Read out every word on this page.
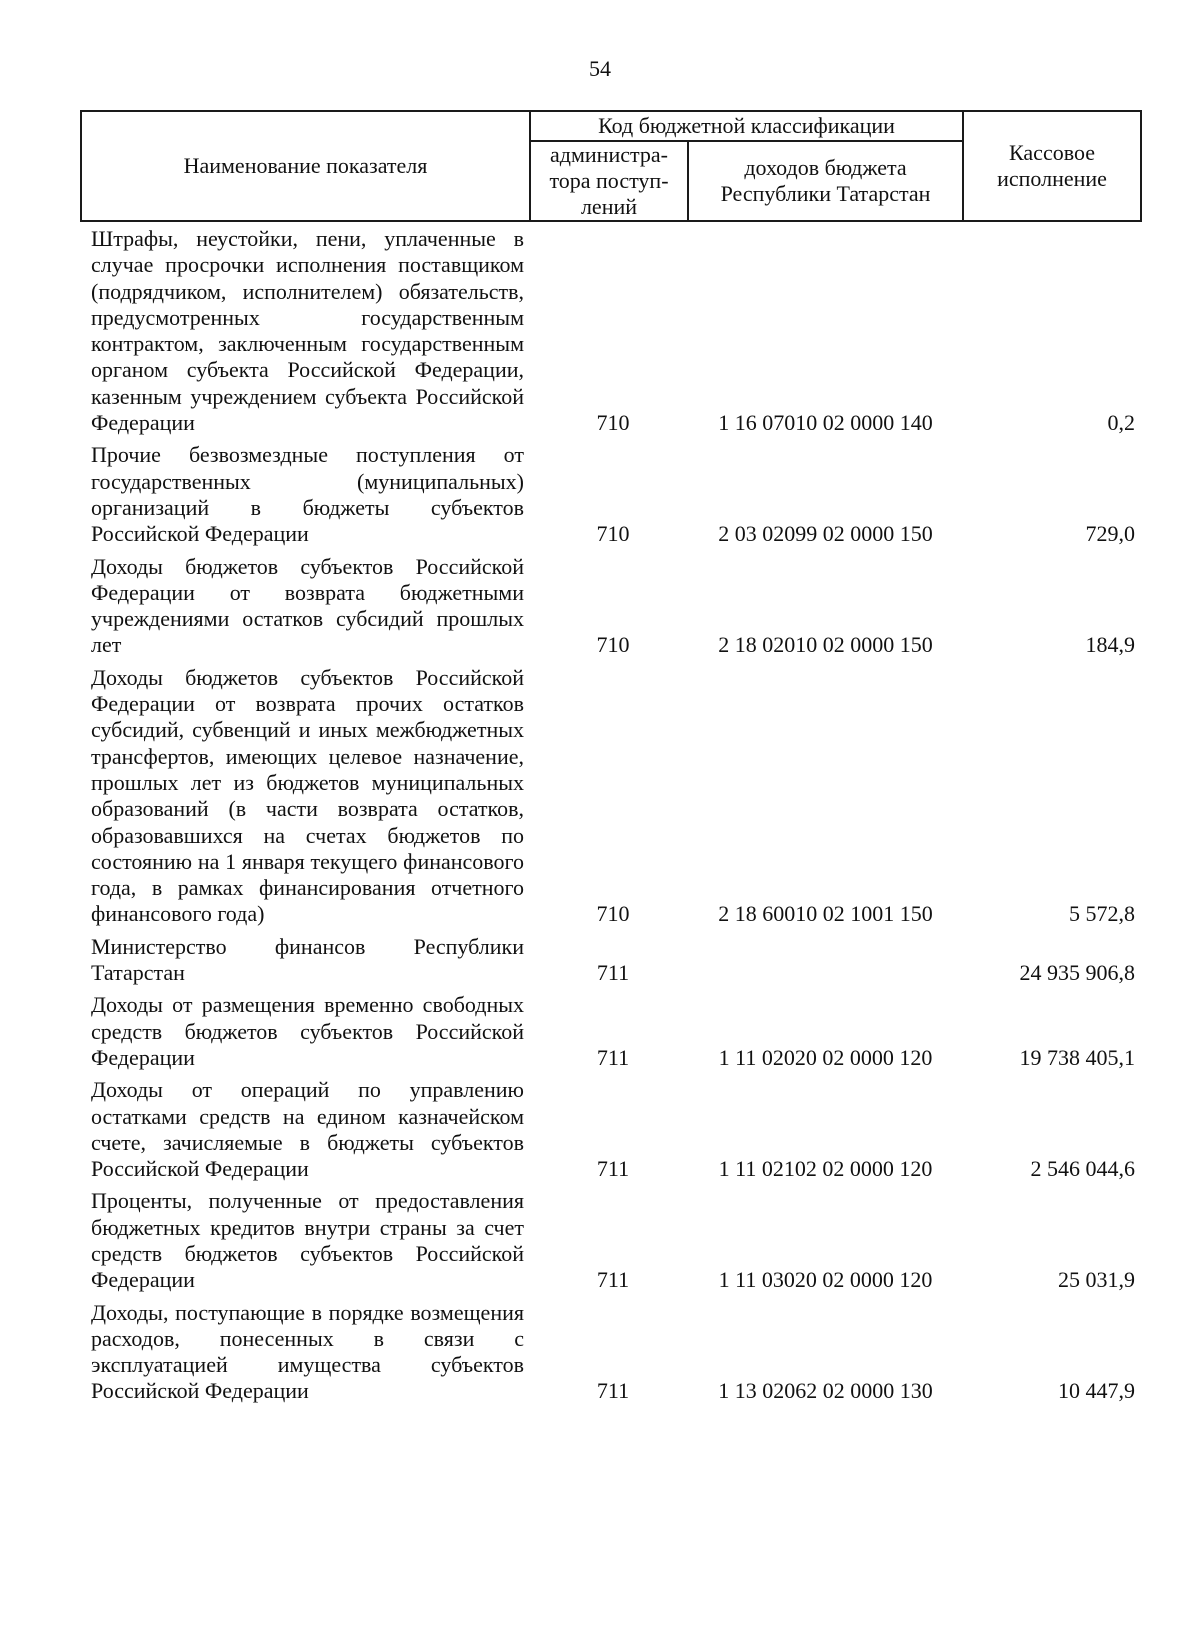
54
Наименование показателя	Код бюджетной классификации		Кассовое исполнение
	администра-тора поступ-лений	доходов бюджета Республики Татарстан	
Штрафы, неустойки, пени, уплаченные в случае просрочки исполнения поставщиком (подрядчиком, исполнителем) обязательств, предусмотренных государственным контрактом, заключенным государственным органом субъекта Российской Федерации, казенным учреждением субъекта Российской Федерации	710	1 16 07010 02 0000 140	0,2
Прочие безвозмездные поступления от государственных (муниципальных) организаций в бюджеты субъектов Российской Федерации	710	2 03 02099 02 0000 150	729,0
Доходы бюджетов субъектов Российской Федерации от возврата бюджетными учреждениями остатков субсидий прошлых лет	710	2 18 02010 02 0000 150	184,9
Доходы бюджетов субъектов Российской Федерации от возврата прочих остатков субсидий, субвенций и иных межбюджетных трансфертов, имеющих целевое назначение, прошлых лет из бюджетов муниципальных образований (в части возврата остатков, образовавшихся на счетах бюджетов по состоянию на 1 января текущего финансового года, в рамках финансирования отчетного финансового года)	710	2 18 60010 02 1001 150	5 572,8
Министерство финансов Республики Татарстан	711		24 935 906,8
Доходы от размещения временно свободных средств бюджетов субъектов Российской Федерации	711	1 11 02020 02 0000 120	19 738 405,1
Доходы от операций по управлению остатками средств на едином казначейском счете, зачисляемые в бюджеты субъектов Российской Федерации	711	1 11 02102 02 0000 120	2 546 044,6
Проценты, полученные от предоставления бюджетных кредитов внутри страны за счет средств бюджетов субъектов Российской Федерации	711	1 11 03020 02 0000 120	25 031,9
Доходы, поступающие в порядке возмещения расходов, понесенных в связи с эксплуатацией имущества субъектов Российской Федерации	711	1 13 02062 02 0000 130	10 447,9
